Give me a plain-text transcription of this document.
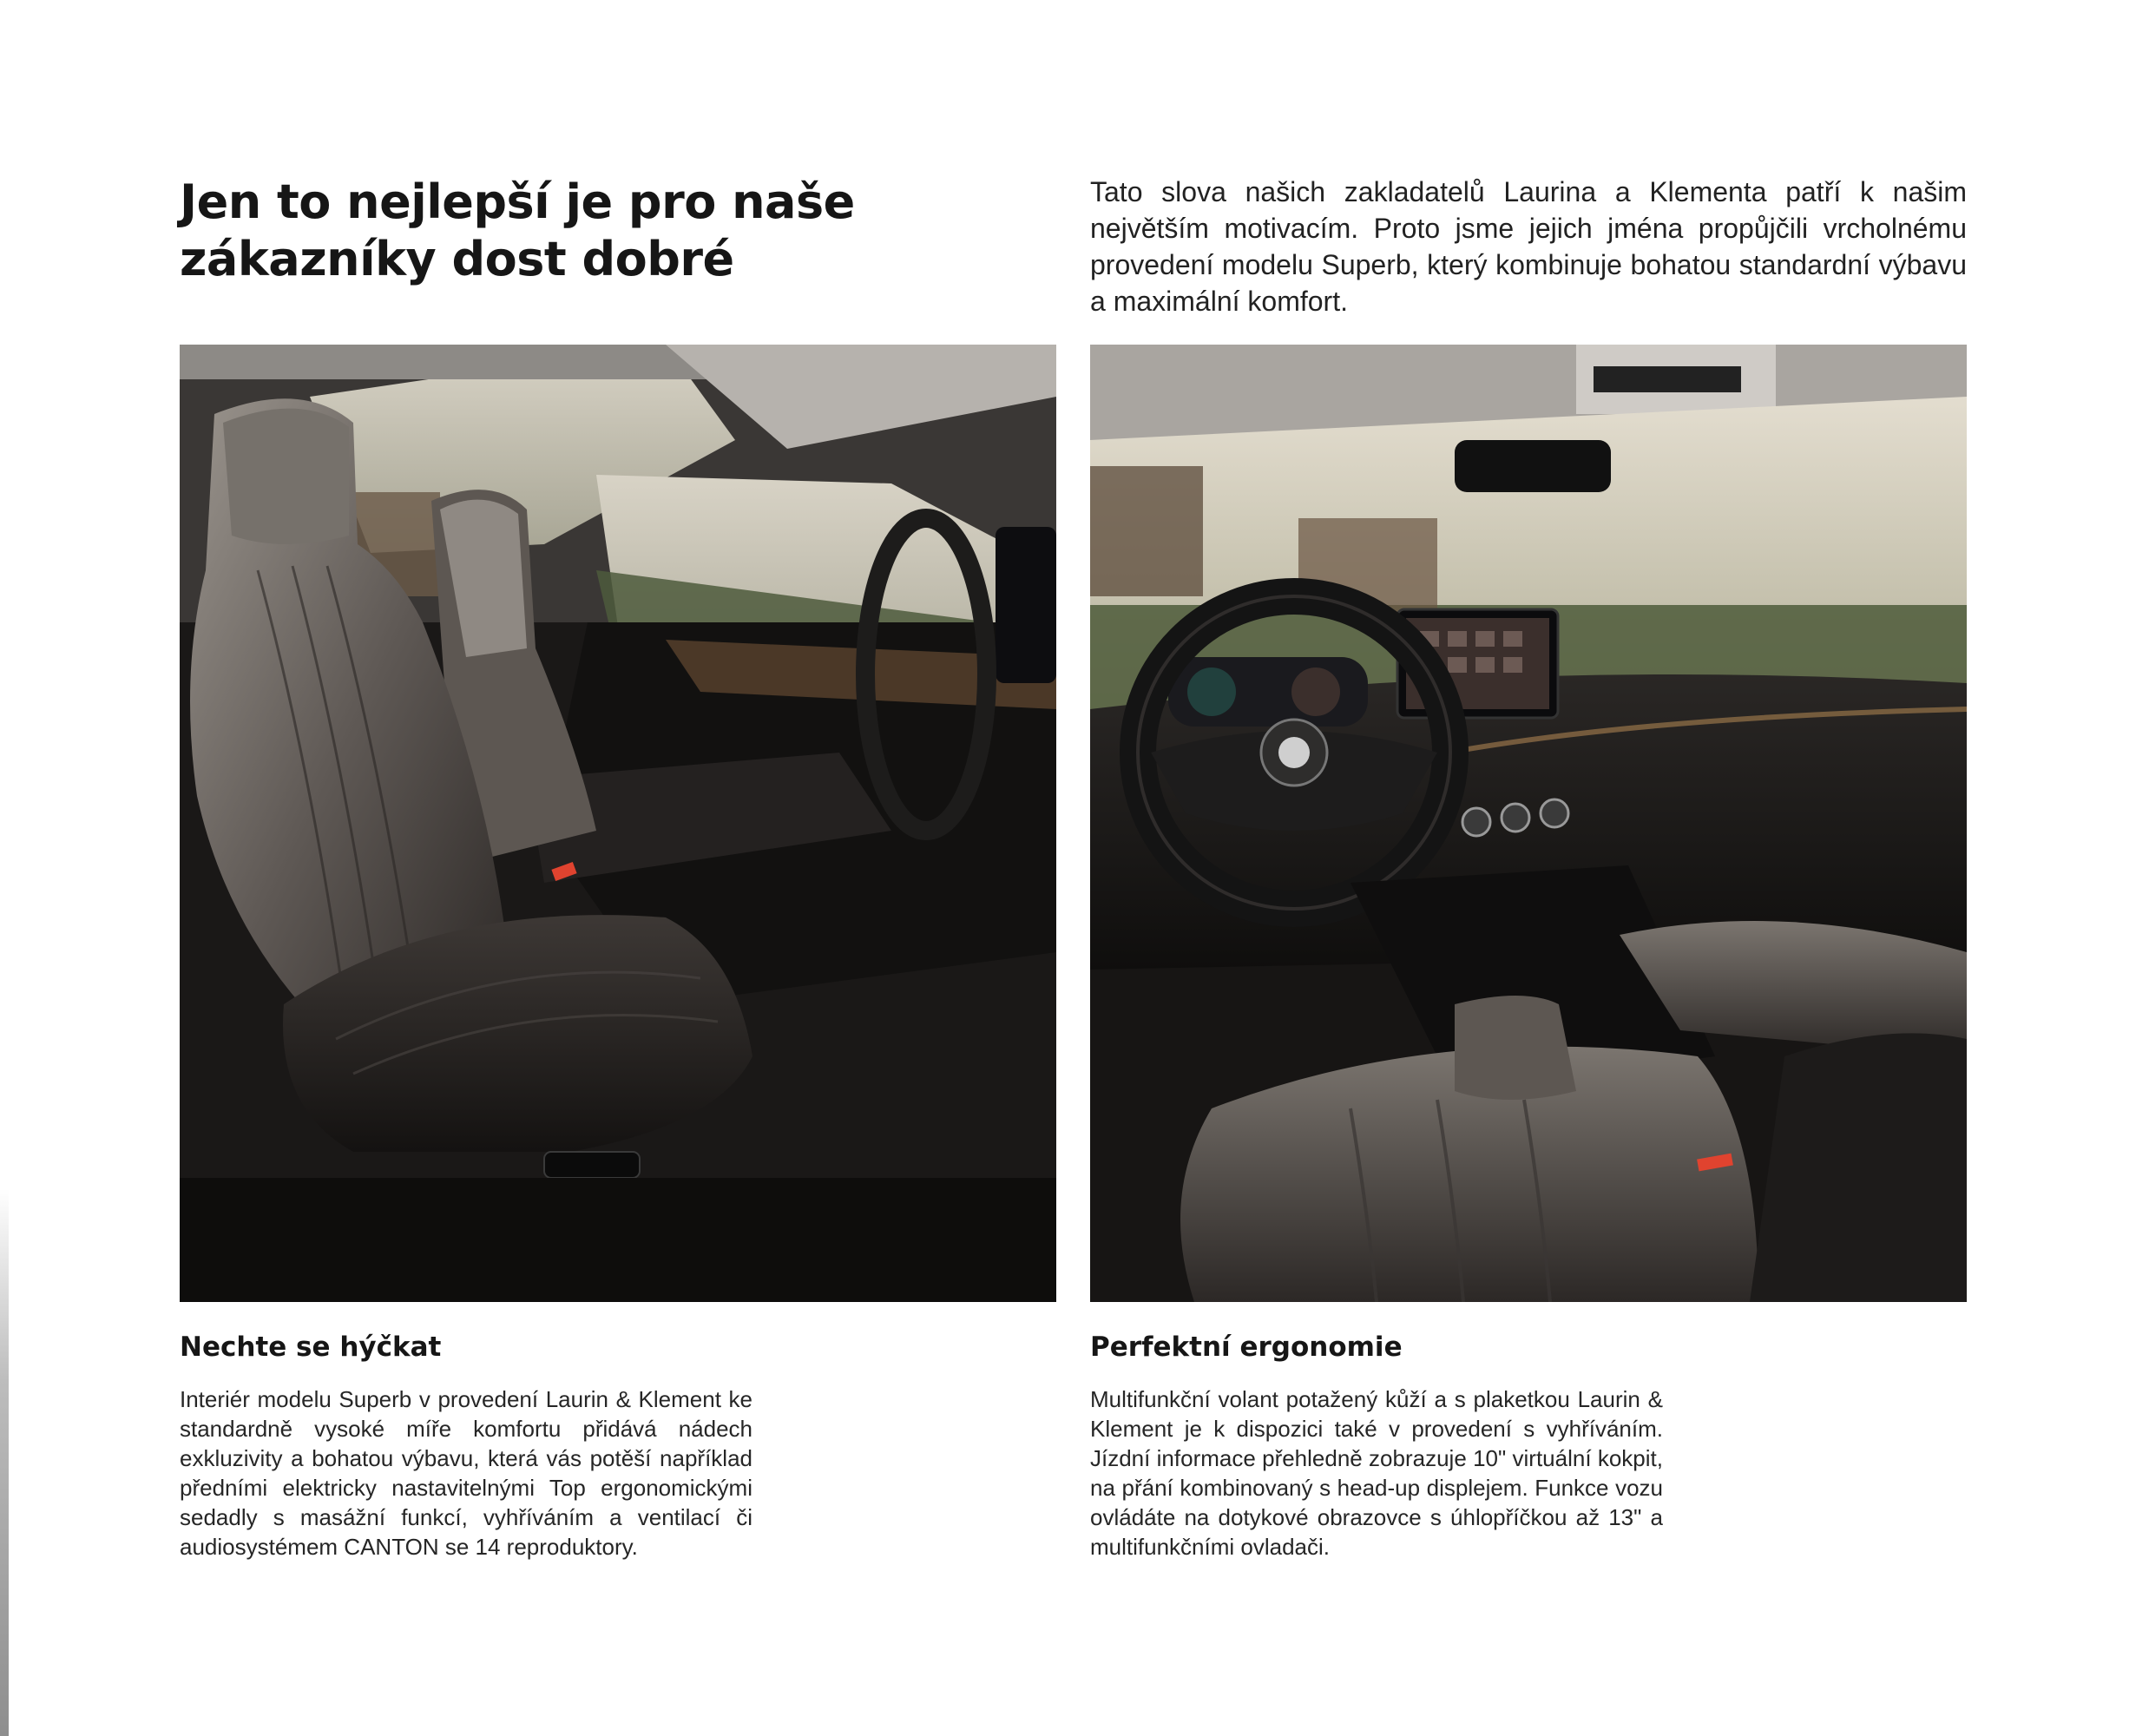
Jen to nejlepší je pro naše zákazníky dost dobré

Tato slova našich zakladatelů Laurina a Klementa patří k našim největším motivacím. Proto jsme jejich jména propůjčili vrcholnému provedení modelu Superb, který kombinuje bohatou standardní výbavu a maximální komfort.

Nechte se hýčkat

Interiér modelu Superb v provedení Laurin & Klement ke standardně vysoké míře komfortu přidává nádech exkluzivity a bohatou výbavu, která vás potěší například předními elektricky nastavitelnými Top ergonomickými sedadly s masážní funkcí, vyhříváním a ventilací či audiosystémem CANTON se 14 reproduktory.

Perfektní ergonomie

Multifunkční volant potažený kůží a s plaketkou Laurin & Klement je k dispozici také v provedení s vyhříváním. Jízdní informace přehledně zobrazuje 10" virtuální kokpit, na přání kombinovaný s head-up displejem. Funkce vozu ovládáte na dotykové obrazovce s úhlopříčkou až 13" a multifunkčními ovladači.
